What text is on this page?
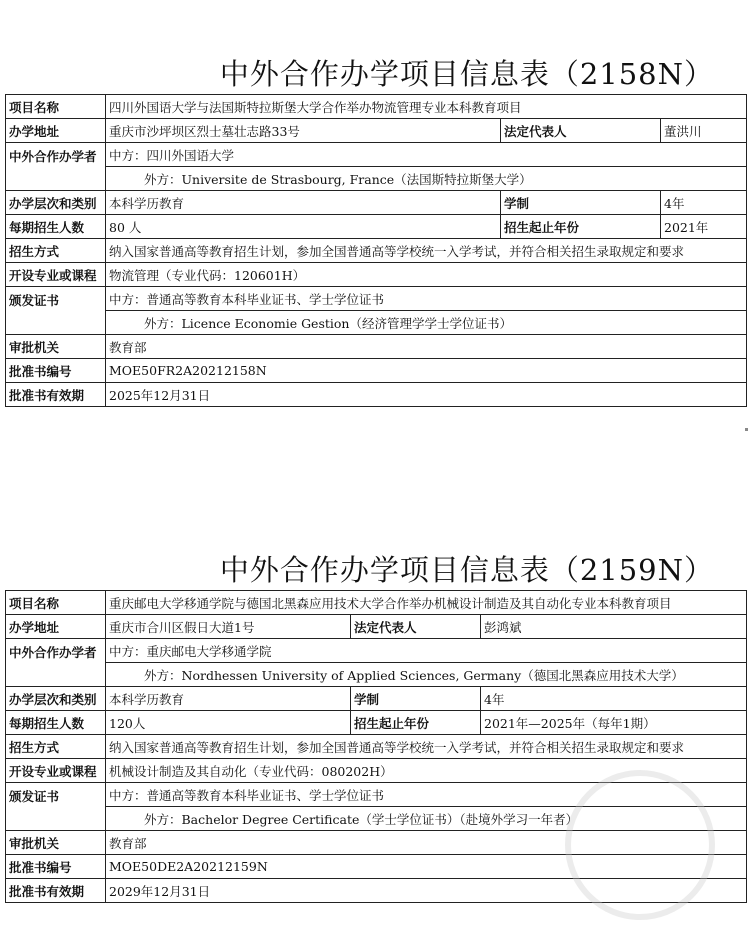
中外合作办学项目信息表（2158N）
项目名称	四川外国语大学与法国斯特拉斯堡大学合作举办物流管理专业本科教育项目		
办学地址	重庆市沙坪坝区烈士墓壮志路33号	法定代表人	董洪川
中外合作办学者	中方：四川外国语大学		
	外方：Universite de Strasbourg, France（法国斯特拉斯堡大学）		
办学层次和类别	本科学历教育	学制	4年
每期招生人数	80 人	招生起止年份	2021年
招生方式	纳入国家普通高等教育招生计划，参加全国普通高等学校统一入学考试，并符合相关招生录取规定和要求		
开设专业或课程	物流管理（专业代码：120601H）		
颁发证书	中方：普通高等教育本科毕业证书、学士学位证书		
	外方：Licence Economie Gestion（经济管理学学士学位证书）		
审批机关	教育部		
批准书编号	MOE50FR2A20212158N		
批准书有效期	2025年12月31日		
中外合作办学项目信息表（2159N）
项目名称	重庆邮电大学移通学院与德国北黑森应用技术大学合作举办机械设计制造及其自动化专业本科教育项目		
办学地址	重庆市合川区假日大道1号	法定代表人	彭鸿斌
中外合作办学者	中方：重庆邮电大学移通学院		
	外方：Nordhessen University of Applied Sciences, Germany（德国北黑森应用技术大学）		
办学层次和类别	本科学历教育	学制	4年
每期招生人数	120人	招生起止年份	2021年—2025年（每年1期）
招生方式	纳入国家普通高等教育招生计划，参加全国普通高等学校统一入学考试，并符合相关招生录取规定和要求		
开设专业或课程	机械设计制造及其自动化（专业代码：080202H）		
颁发证书	中方：普通高等教育本科毕业证书、学士学位证书		
	外方：Bachelor Degree Certificate（学士学位证书）（赴境外学习一年者）		
审批机关	教育部		
批准书编号	MOE50DE2A20212159N		
批准书有效期	2029年12月31日		
